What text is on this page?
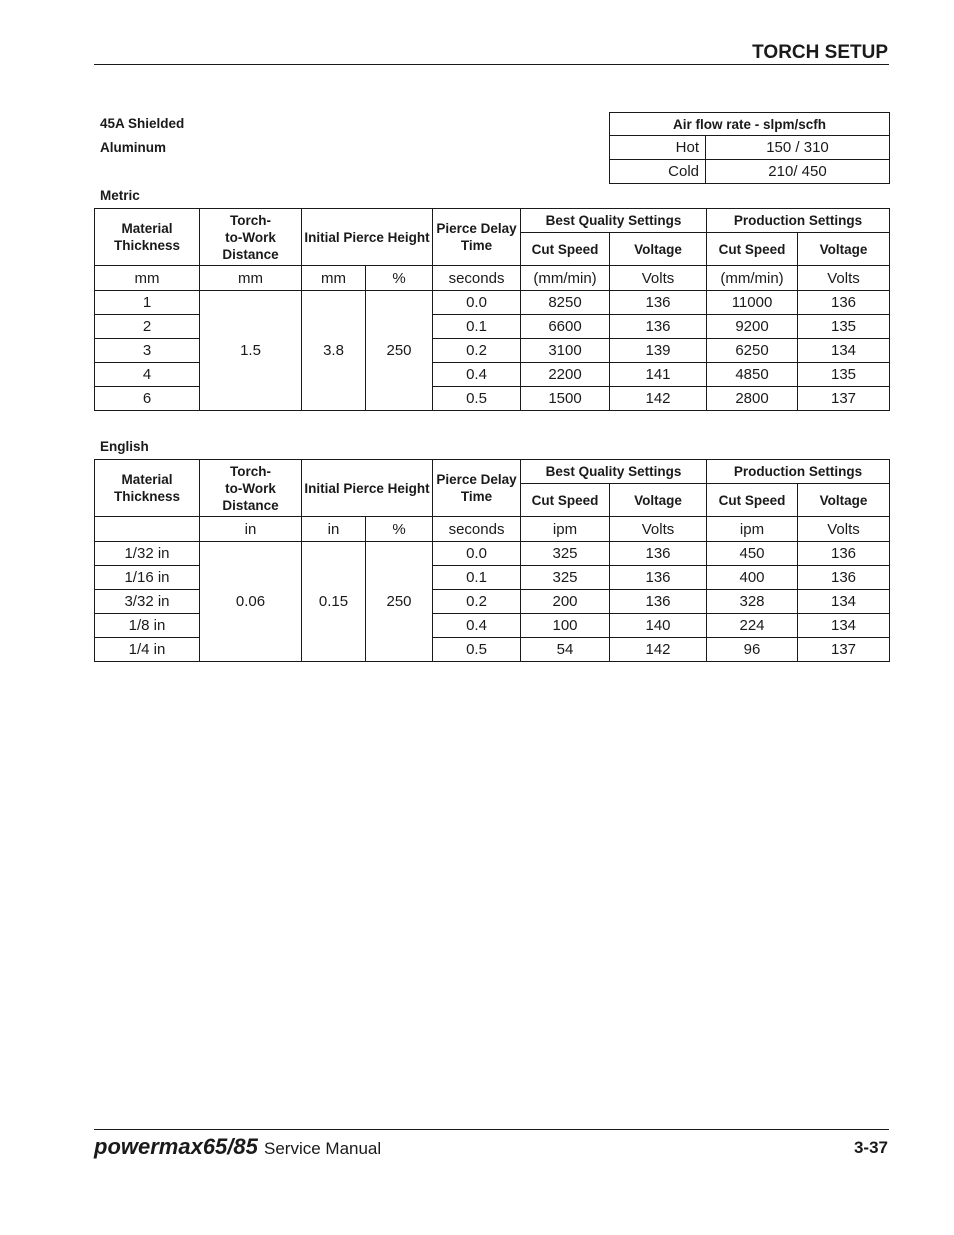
TORCH SETUP
45A Shielded
Aluminum
Air flow rate - slpm/scfh	
Hot	150 / 310
Cold	210/ 450
Metric
Material Thickness	Torch-
to-Work
Distance	Initial Pierce Height		Pierce Delay Time	Best Quality Settings		Production Settings	
					Cut Speed	Voltage	Cut Speed	Voltage
mm	mm	mm	%	seconds	(mm/min)	Volts	(mm/min)	Volts
1	1.5	3.8	250	0.0	8250	136	11000	136
2				0.1	6600	136	9200	135
3				0.2	3100	139	6250	134
4				0.4	2200	141	4850	135
6				0.5	1500	142	2800	137
English
Material Thickness	Torch-
to-Work
Distance	Initial Pierce Height		Pierce Delay Time	Best Quality Settings		Production Settings	
					Cut Speed	Voltage	Cut Speed	Voltage
	in	in	%	seconds	ipm	Volts	ipm	Volts
1/32 in	0.06	0.15	250	0.0	325	136	450	136
1/16 in				0.1	325	136	400	136
3/32 in				0.2	200	136	328	134
1/8 in				0.4	100	140	224	134
1/4 in				0.5	54	142	96	137
powermax65/85 Service Manual	3-37
